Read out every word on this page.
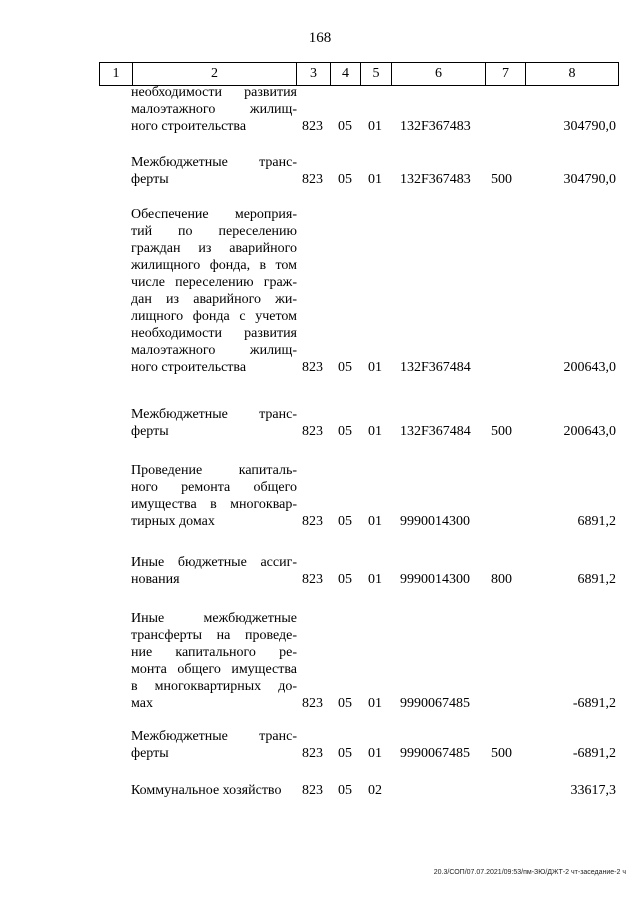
168
1	2	3	4	5	6	7	8
необходимости развития
малоэтажного жилищ-
ного строительства	823 05 01 132F367483	304790,0
Межбюджетные транс-
ферты	823 05 01 132F367483 500	304790,0
Обеспечение мероприя-
тий по переселению
граждан из аварийного
жилищного фонда, в том
числе переселению граж-
дан из аварийного жи-
лищного фонда с учетом
необходимости развития
малоэтажного жилищ-
ного строительства	823 05 01 132F367484	200643,0
Межбюджетные транс-
ферты	823 05 01 132F367484 500	200643,0
Проведение капиталь-
ного ремонта общего
имущества в многоквар-
тирных домах	823 05 01 9990014300	6891,2
Иные бюджетные ассиг-
нования	823 05 01 9990014300 800	6891,2
Иные межбюджетные
трансферты на проведе-
ние капитального ре-
монта общего имущества
в многоквартирных до-
мах	823 05 01 9990067485	-6891,2
Межбюджетные транс-
ферты	823 05 01 9990067485 500	-6891,2
Коммунальное хозяйство	823 05 02	33617,3
20.3/СОП/07.07.2021/09:53/пм-ЗЮ/ДЖТ-2 чт-заседание-2 ч
